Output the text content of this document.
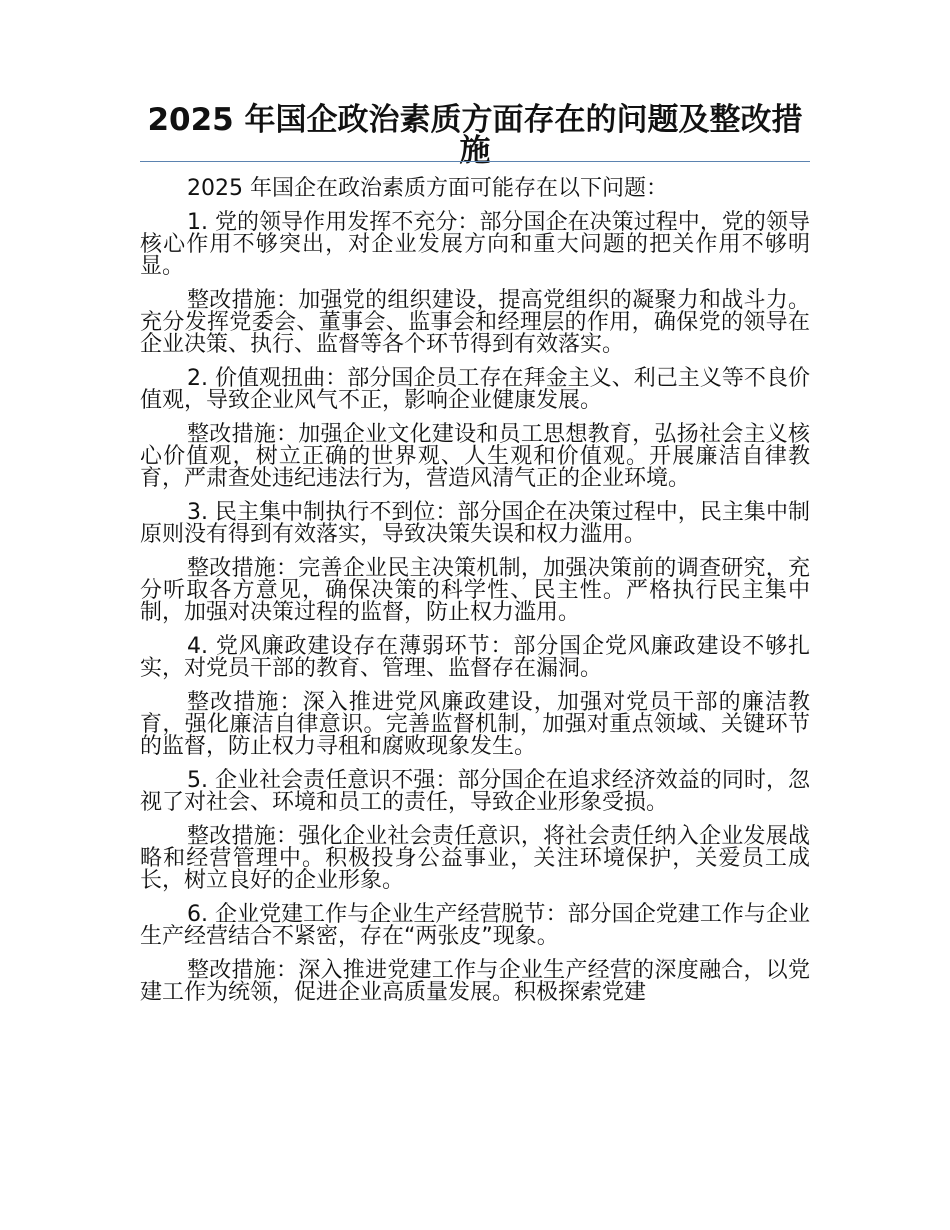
2025 年国企政治素质方面存在的问题及整改措施

2025 年国企在政治素质方面可能存在以下问题：

1. 党的领导作用发挥不充分：部分国企在决策过程中，党的领导核心作用不够突出，对企业发展方向和重大问题的把关作用不够明显。

整改措施：加强党的组织建设，提高党组织的凝聚力和战斗力。充分发挥党委会、董事会、监事会和经理层的作用，确保党的领导在企业决策、执行、监督等各个环节得到有效落实。

2. 价值观扭曲：部分国企员工存在拜金主义、利己主义等不良价值观，导致企业风气不正，影响企业健康发展。

整改措施：加强企业文化建设和员工思想教育，弘扬社会主义核心价值观，树立正确的世界观、人生观和价值观。开展廉洁自律教育，严肃查处违纪违法行为，营造风清气正的企业环境。

3. 民主集中制执行不到位：部分国企在决策过程中，民主集中制原则没有得到有效落实，导致决策失误和权力滥用。

整改措施：完善企业民主决策机制，加强决策前的调查研究，充分听取各方意见，确保决策的科学性、民主性。严格执行民主集中制，加强对决策过程的监督，防止权力滥用。

4. 党风廉政建设存在薄弱环节：部分国企党风廉政建设不够扎实，对党员干部的教育、管理、监督存在漏洞。

整改措施：深入推进党风廉政建设，加强对党员干部的廉洁教育，强化廉洁自律意识。完善监督机制，加强对重点领域、关键环节的监督，防止权力寻租和腐败现象发生。

5. 企业社会责任意识不强：部分国企在追求经济效益的同时，忽视了对社会、环境和员工的责任，导致企业形象受损。

整改措施：强化企业社会责任意识，将社会责任纳入企业发展战略和经营管理中。积极投身公益事业，关注环境保护，关爱员工成长，树立良好的企业形象。

6. 企业党建工作与企业生产经营脱节：部分国企党建工作与企业生产经营结合不紧密，存在“两张皮”现象。

整改措施：深入推进党建工作与企业生产经营的深度融合，以党建工作为统领，促进企业高质量发展。积极探索党建
